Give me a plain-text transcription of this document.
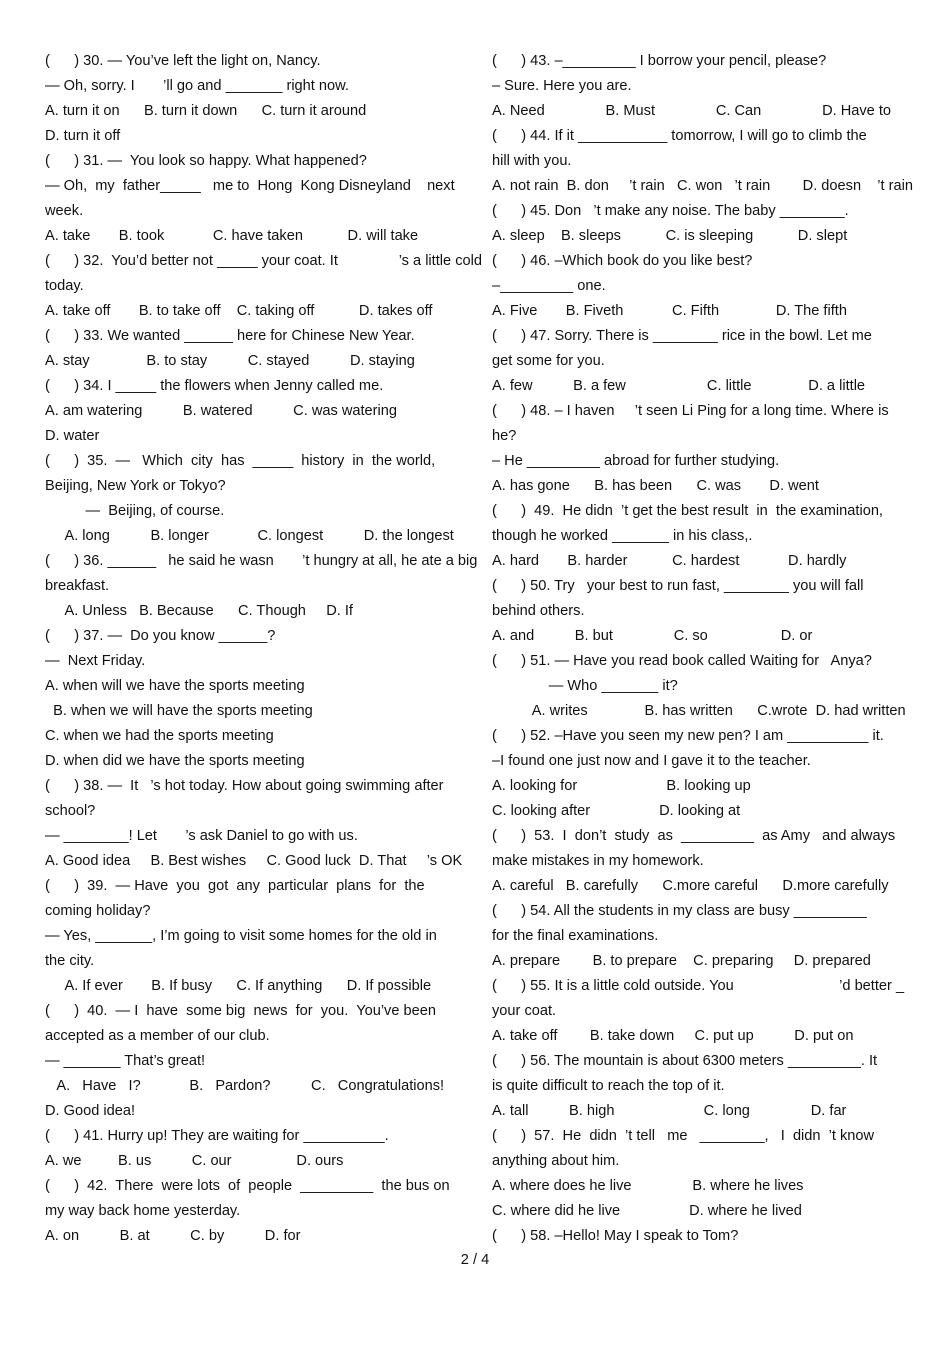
(      ) 30. — You’ve left the light on, Nancy.
— Oh, sorry. I       ’ll go and _______ right now.
A. turn it on      B. turn it down      C. turn it around
D. turn it off
(      ) 31. —  You look so happy. What happened?
— Oh,  my  father_____   me to  Hong  Kong Disneyland    next
week.
A. take       B. took            C. have taken           D. will take
(      ) 32.  You’d better not _____ your coat. It               ’s a little cold
today.
A. take off       B. to take off    C. taking off           D. takes off
(      ) 33. We wanted ______ here for Chinese New Year.
A. stay              B. to stay          C. stayed          D. staying
(      ) 34. I _____ the flowers when Jenny called me.
A. am watering          B. watered          C. was watering
D. water
(      )  35.  —   Which  city  has  _____  history  in  the world,
Beijing, New York or Tokyo?
—  Beijing, of course.
A. long          B. longer            C. longest          D. the longest
(      ) 36. ______   he said he wasn       ’t hungry at all, he ate a big
breakfast.
A. Unless   B. Because      C. Though     D. If
(      ) 37. —  Do you know ______?
—  Next Friday.
A. when will we have the sports meeting
B. when we will have the sports meeting
C. when we had the sports meeting
D. when did we have the sports meeting
(      ) 38. —  It   ’s hot today. How about going swimming after
school?
— ________! Let       ’s ask Daniel to go with us.
A. Good idea     B. Best wishes     C. Good luck  D. That     ’s OK
(      )  39.  — Have  you  got  any  particular  plans  for  the
coming holiday?
— Yes, _______, I’m going to visit some homes for the old in
the city.
A. If ever       B. If busy      C. If anything      D. If possible
(      )  40.  — I  have  some big  news  for  you.  You’ve been
accepted as a member of our club.
— _______ That’s great!
A.   Have   I?            B.   Pardon?          C.   Congratulations!
D. Good idea!
(      ) 41. Hurry up! They are waiting for __________.
A. we         B. us          C. our                D. ours
(      )  42.  There  were lots  of  people  _________  the bus on
my way back home yesterday.
A. on          B. at          C. by          D. for
(      ) 43. –_________ I borrow your pencil, please?
– Sure. Here you are.
A. Need               B. Must               C. Can               D. Have to
(      ) 44. If it ___________ tomorrow, I will go to climb the
hill with you.
A. not rain  B. don     ’t rain   C. won   ’t rain        D. doesn    ’t rain
(      ) 45. Don   ’t make any noise. The baby ________.
A. sleep    B. sleeps           C. is sleeping           D. slept
(      ) 46. –Which book do you like best?
–_________ one.
A. Five       B. Fiveth            C. Fifth              D. The fifth
(      ) 47. Sorry. There is ________ rice in the bowl. Let me
get some for you.
A. few          B. a few                    C. little              D. a little
(      ) 48. – I haven     ’t seen Li Ping for a long time. Where is
he?
– He _________ abroad for further studying.
A. has gone      B. has been      C. was       D. went
(      )  49.  He didn  ’t get the best result  in  the examination,
though he worked _______ in his class,.
A. hard       B. harder           C. hardest            D. hardly
(      ) 50. Try   your best to run fast, ________ you will fall
behind others.
A. and          B. but               C. so                  D. or
(      ) 51. — Have you read book called Waiting for   Anya?
— Who _______ it?
A. writes              B. has written      C.wrote  D. had written
(      ) 52. –Have you seen my new pen? I am __________ it.
–I found one just now and I gave it to the teacher.
A. looking for                      B. looking up
C. looking after                 D. looking at
(      )  53.  I  don’t  study  as  _________  as Amy   and always
make mistakes in my homework.
A. careful   B. carefully      C.more careful      D.more carefully
(      ) 54. All the students in my class are busy _________
for the final examinations.
A. prepare        B. to prepare    C. preparing     D. prepared
(      ) 55. It is a little cold outside. You                          ’d better _
your coat.
A. take off        B. take down     C. put up          D. put on
(      ) 56. The mountain is about 6300 meters _________. It
is quite difficult to reach the top of it.
A. tall          B. high                      C. long               D. far
(      )  57.  He  didn  ’t tell   me   ________,   I  didn  ’t know
anything about him.
A. where does he live               B. where he lives
C. where did he live                 D. where he lived
(      ) 58. –Hello! May I speak to Tom?
2 / 4
